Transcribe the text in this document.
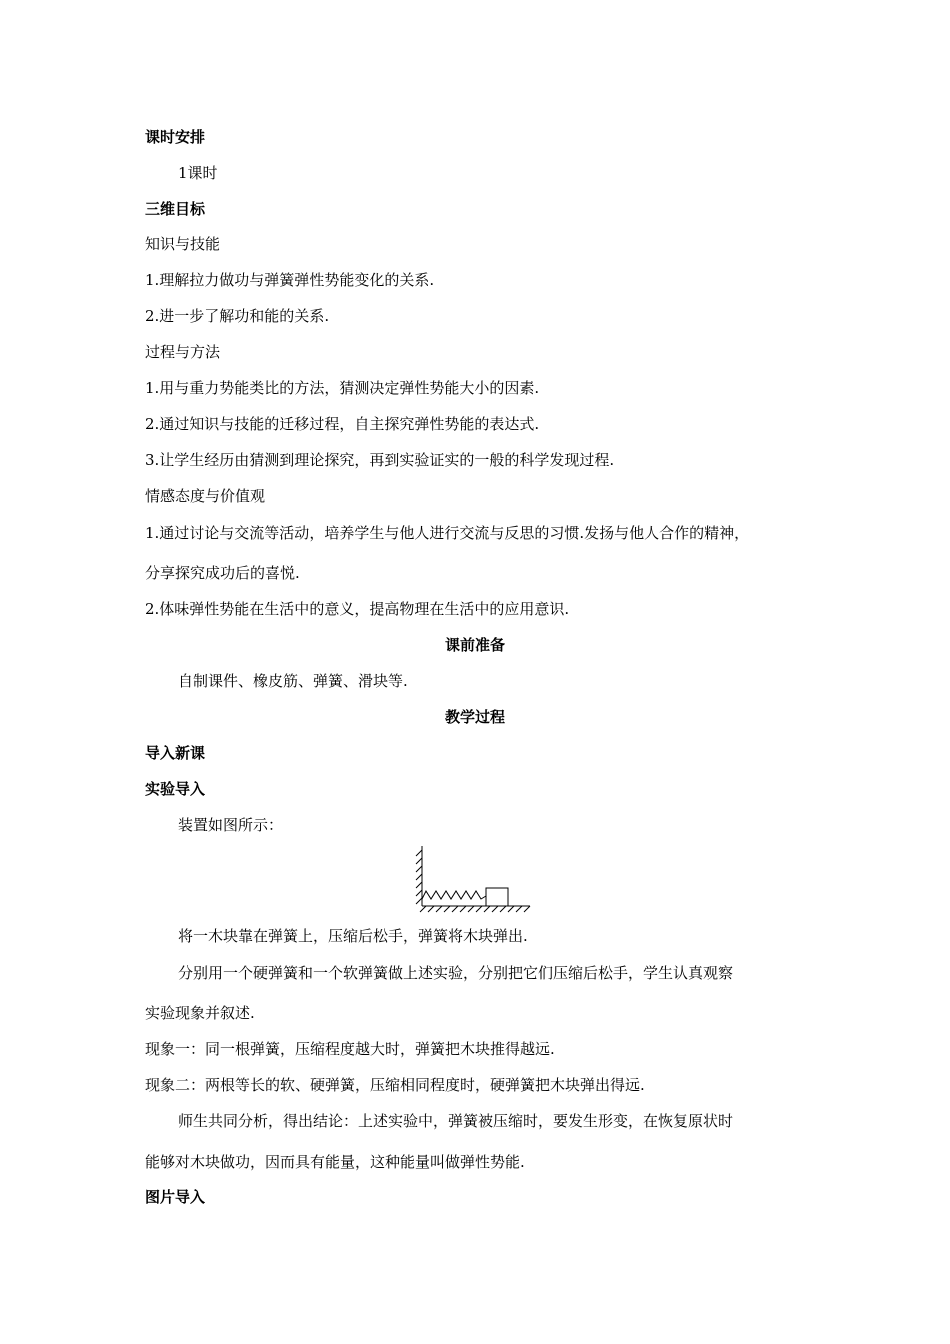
课时安排
1课时
三维目标
知识与技能
1.理解拉力做功与弹簧弹性势能变化的关系.
2.进一步了解功和能的关系.
过程与方法
1.用与重力势能类比的方法，猜测决定弹性势能大小的因素.
2.通过知识与技能的迁移过程，自主探究弹性势能的表达式.
3.让学生经历由猜测到理论探究，再到实验证实的一般的科学发现过程.
情感态度与价值观
1.通过讨论与交流等活动，培养学生与他人进行交流与反思的习惯.发扬与他人合作的精神，
分享探究成功后的喜悦.
2.体味弹性势能在生活中的意义，提高物理在生活中的应用意识.
课前准备
自制课件、橡皮筋、弹簧、滑块等.
教学过程
导入新课
实验导入
装置如图所示：
将一木块靠在弹簧上，压缩后松手，弹簧将木块弹出.
分别用一个硬弹簧和一个软弹簧做上述实验，分别把它们压缩后松手，学生认真观察
实验现象并叙述.
现象一：同一根弹簧，压缩程度越大时，弹簧把木块推得越远.
现象二：两根等长的软、硬弹簧，压缩相同程度时，硬弹簧把木块弹出得远.
师生共同分析，得出结论：上述实验中，弹簧被压缩时，要发生形变，在恢复原状时
能够对木块做功，因而具有能量，这种能量叫做弹性势能.
图片导入
